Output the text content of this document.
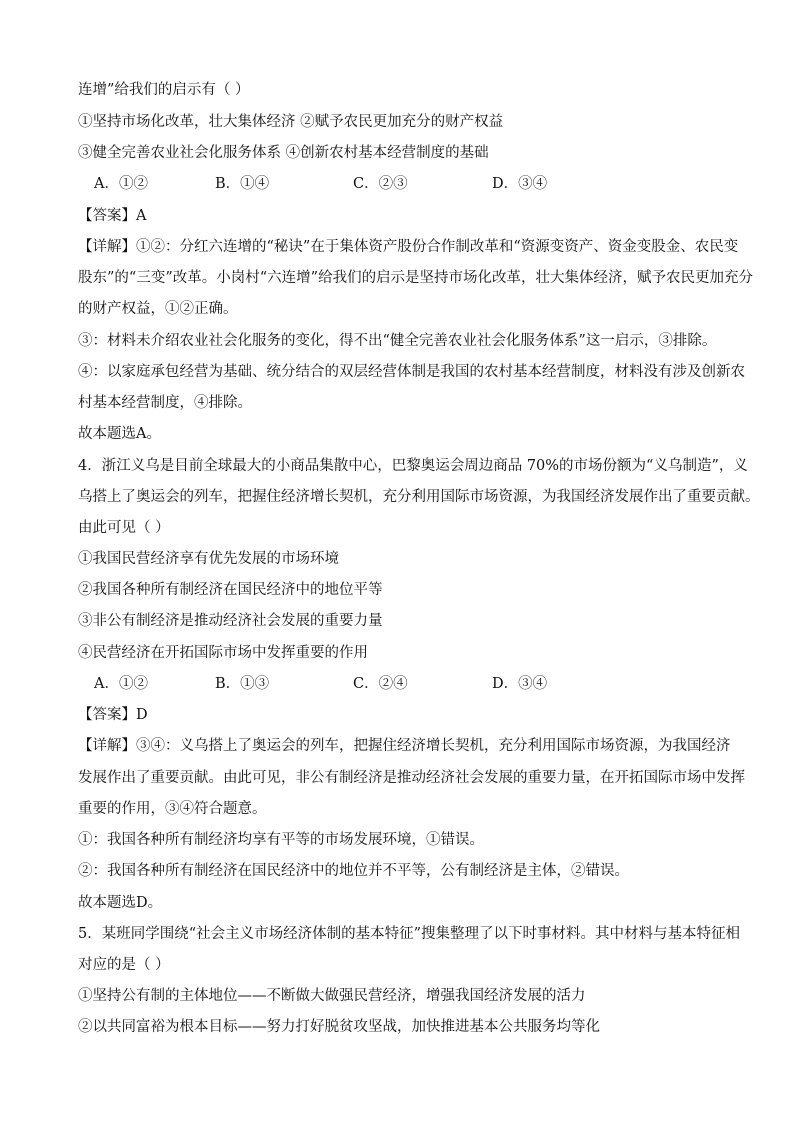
连增”给我们的启示有（ ）
①坚持市场化改革，壮大集体经济 ②赋予农民更加充分的财产权益
③健全完善农业社会化服务体系 ④创新农村基本经营制度的基础
A．①②	B．①④	C．②③	D．③④
【答案】A
【详解】①②：分红六连增的“秘诀”在于集体资产股份合作制改革和“资源变资产、资金变股金、农民变
股东”的“三变”改革。小岗村“六连增”给我们的启示是坚持市场化改革，壮大集体经济，赋予农民更加充分
的财产权益，①②正确。
③：材料未介绍农业社会化服务的变化，得不出“健全完善农业社会化服务体系”这一启示，③排除。
④：以家庭承包经营为基础、统分结合的双层经营体制是我国的农村基本经营制度，材料没有涉及创新农
村基本经营制度，④排除。
故本题选A。
4．浙江义乌是目前全球最大的小商品集散中心，巴黎奥运会周边商品 70%的市场份额为“义乌制造”，义
乌搭上了奥运会的列车，把握住经济增长契机，充分利用国际市场资源，为我国经济发展作出了重要贡献。
由此可见（ ）
①我国民营经济享有优先发展的市场环境
②我国各种所有制经济在国民经济中的地位平等
③非公有制经济是推动经济社会发展的重要力量
④民营经济在开拓国际市场中发挥重要的作用
A．①②	B．①③	C．②④	D．③④
【答案】D
【详解】③④：义乌搭上了奥运会的列车，把握住经济增长契机，充分利用国际市场资源，为我国经济
发展作出了重要贡献。由此可见，非公有制经济是推动经济社会发展的重要力量，在开拓国际市场中发挥
重要的作用，③④符合题意。
①：我国各种所有制经济均享有平等的市场发展环境，①错误。
②：我国各种所有制经济在国民经济中的地位并不平等，公有制经济是主体，②错误。
故本题选D。
5．某班同学围绕“社会主义市场经济体制的基本特征”搜集整理了以下时事材料。其中材料与基本特征相
对应的是（ ）
①坚持公有制的主体地位——不断做大做强民营经济，增强我国经济发展的活力
②以共同富裕为根本目标——努力打好脱贫攻坚战，加快推进基本公共服务均等化
